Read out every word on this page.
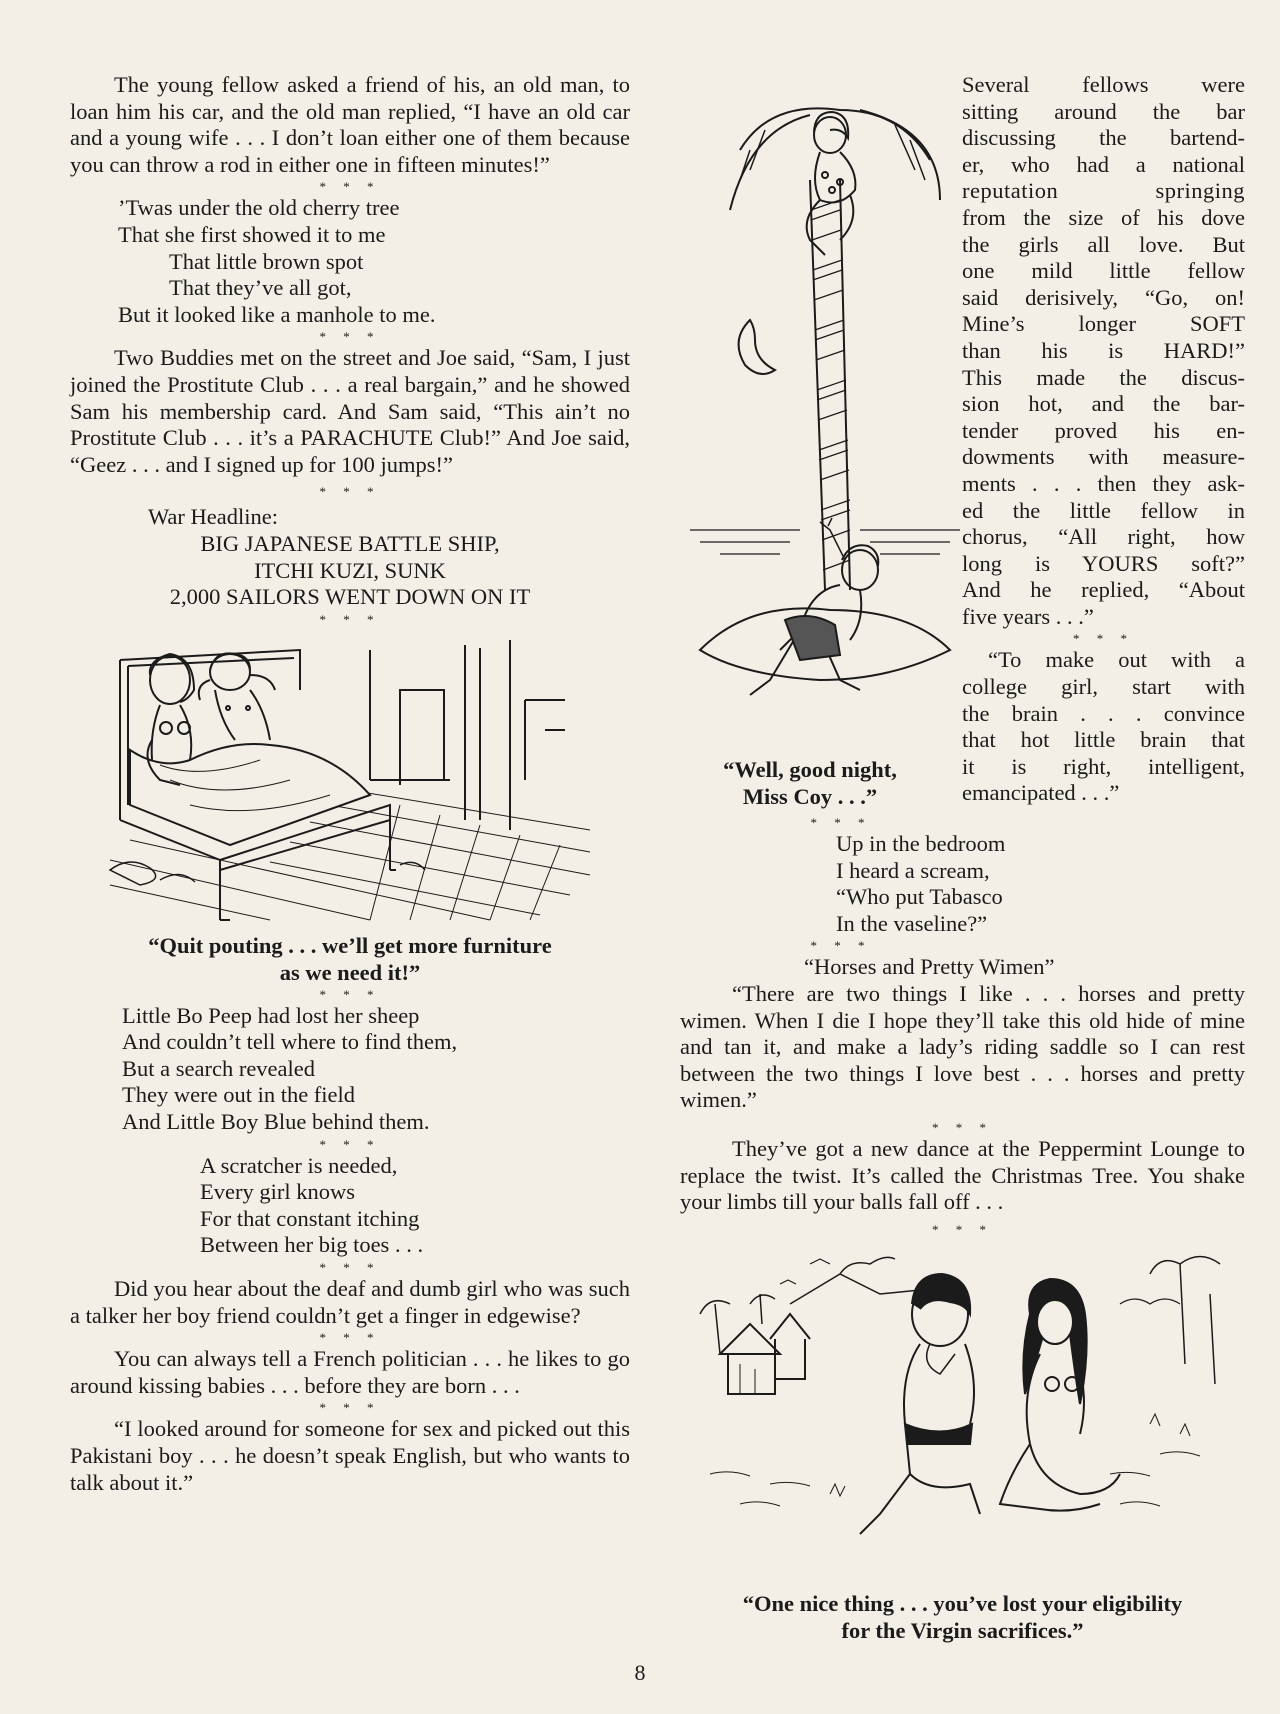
The young fellow asked a friend of his, an old man, to loan him his car, and the old man replied, “I have an old car and a young wife . . . I don’t loan either one of them because you can throw a rod in either one in fifteen minutes!”

* * *
’Twas under the old cherry tree
That she first showed it to me
That little brown spot
That they’ve all got,
But it looked like a manhole to me.
* * *

Two Buddies met on the street and Joe said, “Sam, I just joined the Prostitute Club . . . a real bargain,” and he showed Sam his membership card. And Sam said, “This ain’t no Prostitute Club . . . it’s a PARACHUTE Club!” And Joe said, “Geez . . . and I signed up for 100 jumps!”

* * *
War Headline:
BIG JAPANESE BATTLE SHIP,
ITCHI KUZI, SUNK
2,000 SAILORS WENT DOWN ON IT
* * *
“Quit pouting . . . we’ll get more furniture
as we need it!”
* * *
Little Bo Peep had lost her sheep
And couldn’t tell where to find them,
But a search revealed
They were out in the field
And Little Boy Blue behind them.
* * *
A scratcher is needed,
Every girl knows
For that constant itching
Between her big toes . . .
* * *

Did you hear about the deaf and dumb girl who was such a talker her boy friend couldn’t get a finger in edgewise?

* * *

You can always tell a French politician . . . he likes to go around kissing babies . . . before they are born . . .

* * *

“I looked around for someone for sex and picked out this Pakistani boy . . . he doesn’t speak English, but who wants to talk about it.”

Several fellows were
sitting around the bar
discussing the bartend-
er, who had a national
reputation springing
from the size of his dove
the girls all love. But
one mild little fellow
said derisively, “Go, on!
Mine’s longer SOFT
than his is HARD!”
This made the discus-
sion hot, and the bar-
tender proved his en-
dowments with measure-
ments . . . then they ask-
ed the little fellow in
chorus, “All right, how
long is YOURS soft?”
And he replied, “About
five years . . .”
* * *
“To make out with a
college girl, start with
the brain . . . convince
that hot little brain that
it is right, intelligent,
emancipated . . .”
“Well, good night,
Miss Coy . . .”
* * *
Up in the bedroom
I heard a scream,
“Who put Tabasco
In the vaseline?”
* * *
“Horses and Pretty Wimen”

“There are two things I like . . . horses and pretty wimen. When I die I hope they’ll take this old hide of mine and tan it, and make a lady’s riding saddle so I can rest between the two things I love best . . . horses and pretty wimen.”

* * *

They’ve got a new dance at the Peppermint Lounge to replace the twist. It’s called the Christmas Tree. You shake your limbs till your balls fall off . . .

* * *
“One nice thing . . . you’ve lost your eligibility
for the Virgin sacrifices.”
8
